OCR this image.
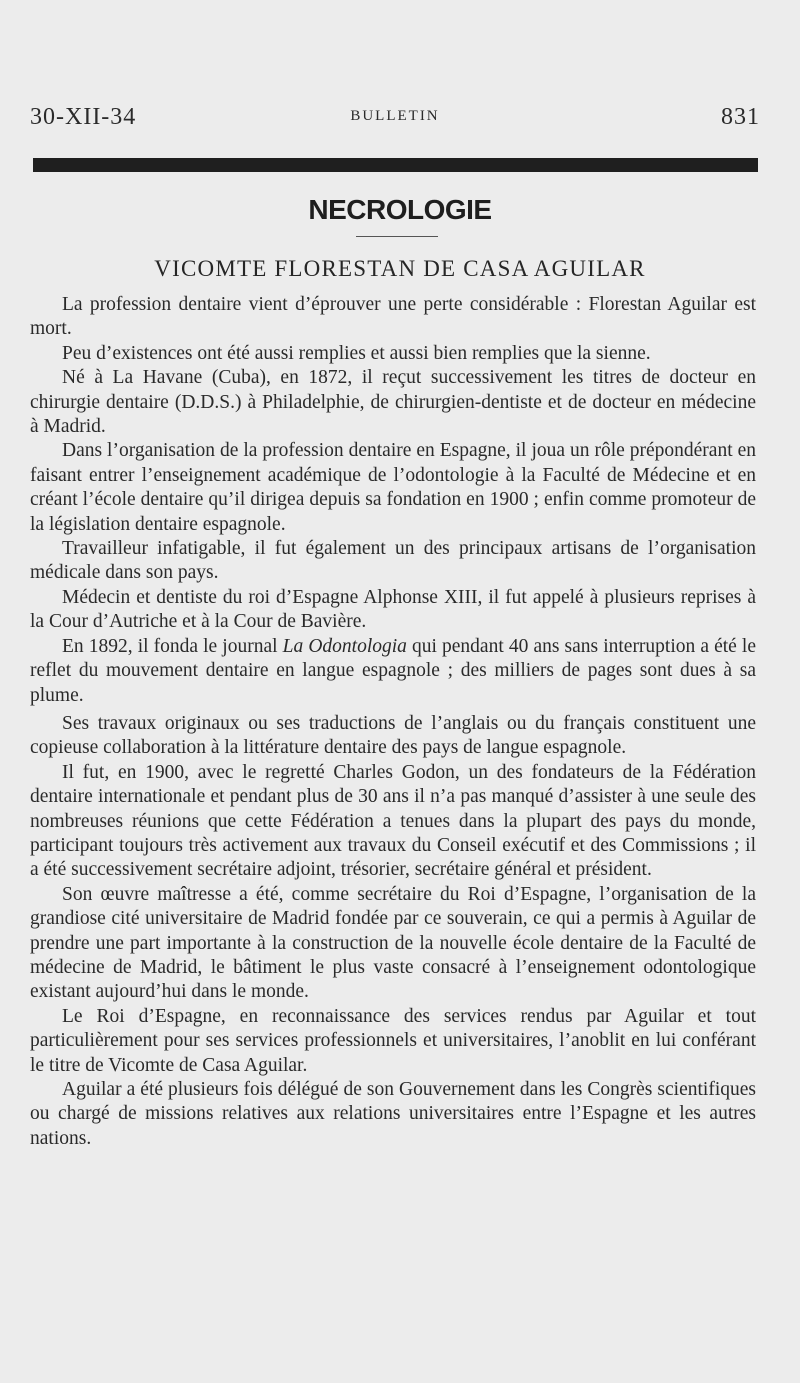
30-XII-34	BULLETIN	831
NECROLOGIE
VICOMTE FLORESTAN DE CASA AGUILAR

La profession dentaire vient d’éprouver une perte considérable : Florestan Aguilar est mort.

Peu d’existences ont été aussi remplies et aussi bien remplies que la sienne.

Né à La Havane (Cuba), en 1872, il reçut successivement les titres de docteur en chirurgie dentaire (D.D.S.) à Philadelphie, de chirurgien-dentiste et de docteur en médecine à Madrid.

Dans l’organisation de la profession dentaire en Espagne, il joua un rôle prépondérant en faisant entrer l’enseignement académique de l’odontologie à la Faculté de Médecine et en créant l’école dentaire qu’il dirigea depuis sa fondation en 1900 ; enfin comme promoteur de la législation dentaire espagnole.

Travailleur infatigable, il fut également un des principaux artisans de l’organisation médicale dans son pays.

Médecin et dentiste du roi d’Espagne Alphonse XIII, il fut appelé à plusieurs reprises à la Cour d’Autriche et à la Cour de Bavière.

En 1892, il fonda le journal La Odontologia qui pendant 40 ans sans interruption a été le reflet du mouvement dentaire en langue espagnole ; des milliers de pages sont dues à sa plume.

Ses travaux originaux ou ses traductions de l’anglais ou du français constituent une copieuse collaboration à la littérature dentaire des pays de langue espagnole.

Il fut, en 1900, avec le regretté Charles Godon, un des fondateurs de la Fédération dentaire internationale et pendant plus de 30 ans il n’a pas manqué d’assister à une seule des nombreuses réunions que cette Fédération a tenues dans la plupart des pays du monde, participant toujours très activement aux travaux du Conseil exécutif et des Commissions ; il a été successivement secrétaire adjoint, trésorier, secrétaire général et président.

Son œuvre maîtresse a été, comme secrétaire du Roi d’Espagne, l’organisation de la grandiose cité universitaire de Madrid fondée par ce souverain, ce qui a permis à Aguilar de prendre une part importante à la construction de la nouvelle école dentaire de la Faculté de médecine de Madrid, le bâtiment le plus vaste consacré à l’enseignement odontologique existant aujourd’hui dans le monde.

Le Roi d’Espagne, en reconnaissance des services rendus par Aguilar et tout particulièrement pour ses services professionnels et universitaires, l’anoblit en lui conférant le titre de Vicomte de Casa Aguilar.

Aguilar a été plusieurs fois délégué de son Gouvernement dans les Congrès scientifiques ou chargé de missions relatives aux relations universitaires entre l’Espagne et les autres nations.
